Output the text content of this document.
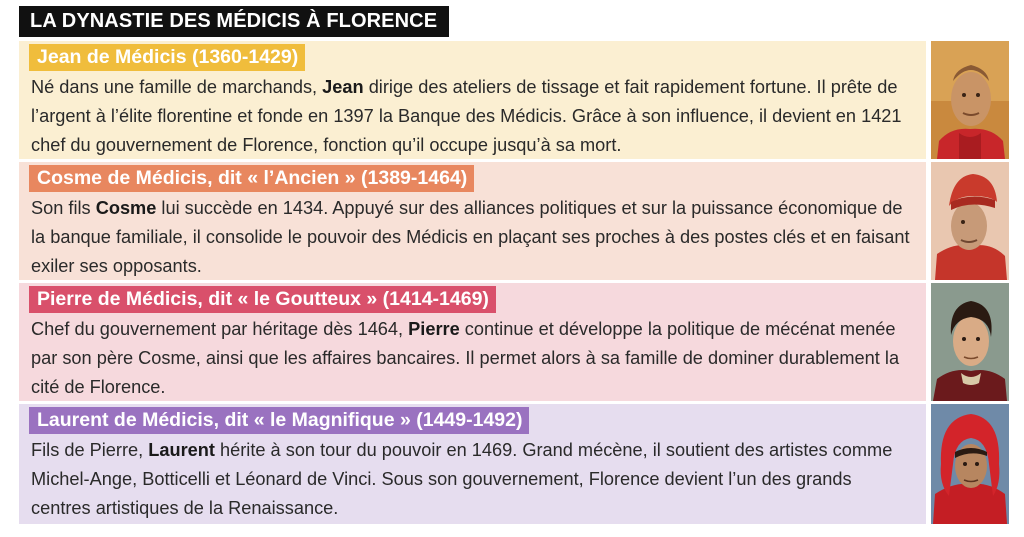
LA DYNASTIE DES MÉDICIS À FLORENCE
Jean de Médicis (1360-1429)

Né dans une famille de marchands, Jean dirige des ateliers de tissage et fait rapidement fortune. Il prête de l’argent à l’élite florentine et fonde en 1397 la Banque des Médicis. Grâce à son influence, il devient en 1421 chef du gouvernement de Florence, fonction qu’il occupe jusqu’à sa mort.

Cosme de Médicis, dit « l’Ancien » (1389-1464)

Son fils Cosme lui succède en 1434. Appuyé sur des alliances politiques et sur la puissance économique de la banque familiale, il consolide le pouvoir des Médicis en plaçant ses proches à des postes clés et en faisant exiler ses opposants.

Pierre de Médicis, dit « le Goutteux » (1414-1469)

Chef du gouvernement par héritage dès 1464, Pierre continue et développe la politique de mécénat menée par son père Cosme, ainsi que les affaires bancaires. Il permet alors à sa famille de dominer durablement la cité de Florence.

Laurent de Médicis, dit « le Magnifique » (1449-1492)

Fils de Pierre, Laurent hérite à son tour du pouvoir en 1469. Grand mécène, il soutient des artistes comme Michel-Ange, Botticelli et Léonard de Vinci. Sous son gouvernement, Florence devient l’un des grands centres artistiques de la Renaissance.
